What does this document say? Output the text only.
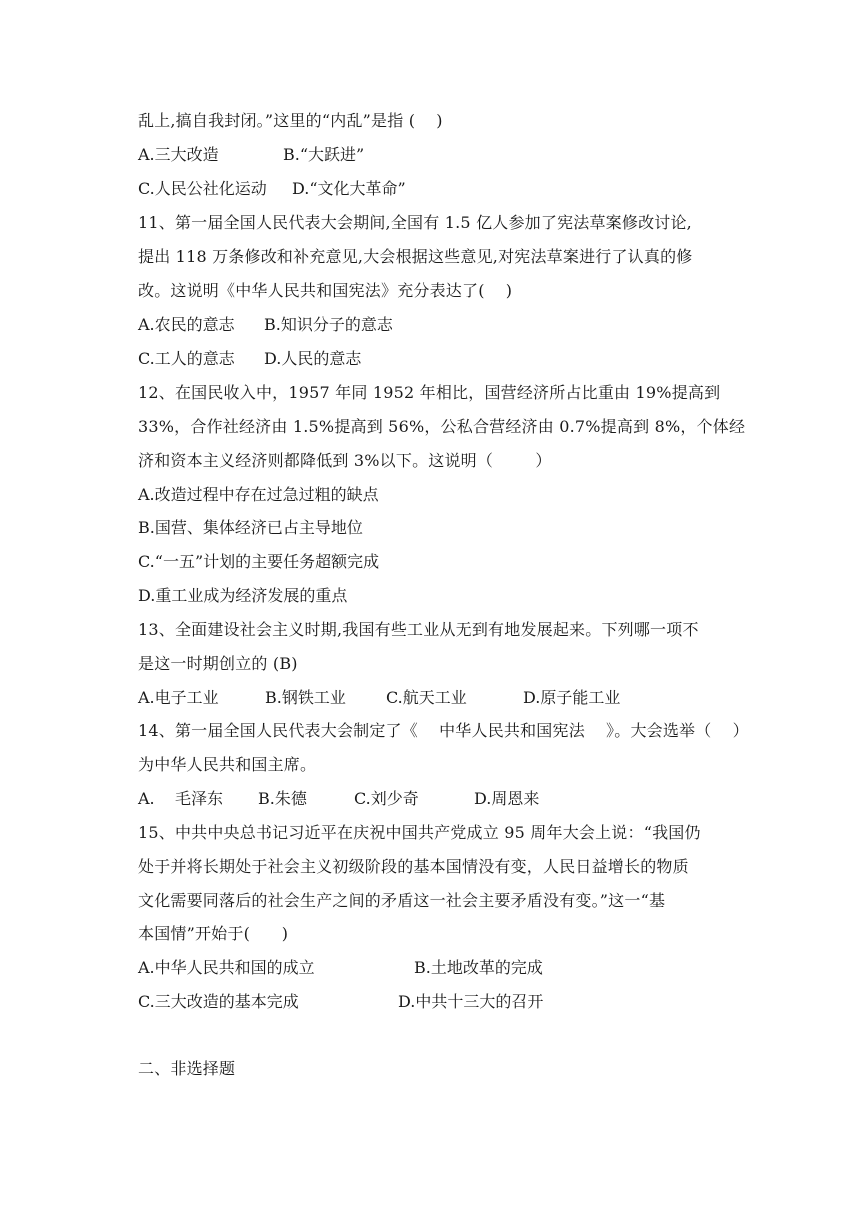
乱上,搞自我封闭。”这里的“内乱”是指 (    )
A.三大改造	B.“大跃进”
C.人民公社化运动 D.“文化大革命”
11、第一届全国人民代表大会期间,全国有 1.5 亿人参加了宪法草案修改讨论,
提出 118 万条修改和补充意见,大会根据这些意见,对宪法草案进行了认真的修
改。这说明《中华人民共和国宪法》充分表达了(    )
A.农民的意志 B.知识分子的意志
C.工人的意志 D.人民的意志
12、在国民收入中，1957 年同 1952 年相比，国营经济所占比重由 19%提高到
33%，合作社经济由 1.5%提高到 56%，公私合营经济由 0.7%提高到 8%，个体经
济和资本主义经济则都降低到 3%以下。这说明（        ）
A.改造过程中存在过急过粗的缺点
B.国营、集体经济已占主导地位
C.“一五”计划的主要任务超额完成
D.重工业成为经济发展的重点
13、全面建设社会主义时期,我国有些工业从无到有地发展起来。下列哪一项不
是这一时期创立的 (B)
A.电子工业	B.钢铁工业	C.航天工业	D.原子能工业
14、第一届全国人民代表大会制定了《    中华人民共和国宪法    》。大会选举（    ）
为中华人民共和国主席。
A.    毛泽东 B.朱德	C.刘少奇	D.周恩来
15、中共中央总书记习近平在庆祝中国共产党成立 95 周年大会上说：“我国仍
处于并将长期处于社会主义初级阶段的基本国情没有变，人民日益增长的物质
文化需要同落后的社会生产之间的矛盾这一社会主要矛盾没有变。”这一“基
本国情”开始于(      )
A.中华人民共和国的成立	B.土地改革的完成
C.三大改造的基本完成	D.中共十三大的召开
二、非选择题
